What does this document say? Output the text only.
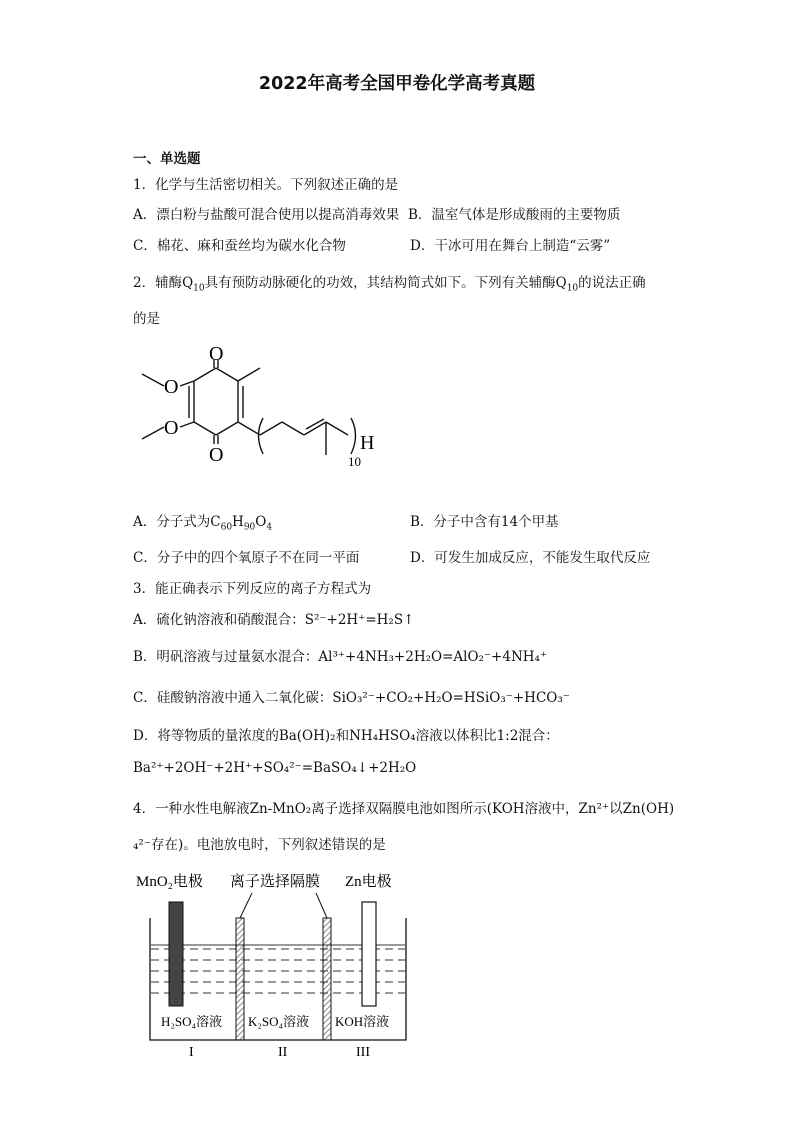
2022年高考全国甲卷化学高考真题
一、单选题
1．化学与生活密切相关。下列叙述正确的是
A．漂白粉与盐酸可混合使用以提高消毒效果 B．温室气体是形成酸雨的主要物质
C．棉花、麻和蚕丝均为碳水化合物	D．干冰可用在舞台上制造“云雾”
2．辅酶$Q_{10}$具有预防动脉硬化的功效，其结构简式如下。下列有关辅酶$Q_{10}$的说法正确
的是
O
O
O
O
H
10
A．分子式为$C_{60}H_{90}O_4$	B．分子中含有14个甲基
C．分子中的四个氧原子不在同一平面	D．可发生加成反应，不能发生取代反应
3．能正确表示下列反应的离子方程式为
A．硫化钠溶液和硝酸混合：S²⁻+2H⁺=H₂S↑
B．明矾溶液与过量氨水混合：Al³⁺+4NH₃+2H₂O=AlO₂⁻+4NH₄⁺
C．硅酸钠溶液中通入二氧化碳：SiO₃²⁻+CO₂+H₂O=HSiO₃⁻+HCO₃⁻
D．将等物质的量浓度的Ba(OH)₂和NH₄HSO₄溶液以体积比1:2混合：
Ba²⁺+2OH⁻+2H⁺+SO₄²⁻=BaSO₄↓+2H₂O
4．一种水性电解液Zn-MnO₂离子选择双隔膜电池如图所示(KOH溶液中，Zn²⁺以Zn(OH)
₄²⁻存在)。电池放电时，下列叙述错误的是
MnO₂电极 离子选择隔膜 Zn电极
H₂SO₄溶液 K₂SO₄溶液 KOH溶液
I	II	III
